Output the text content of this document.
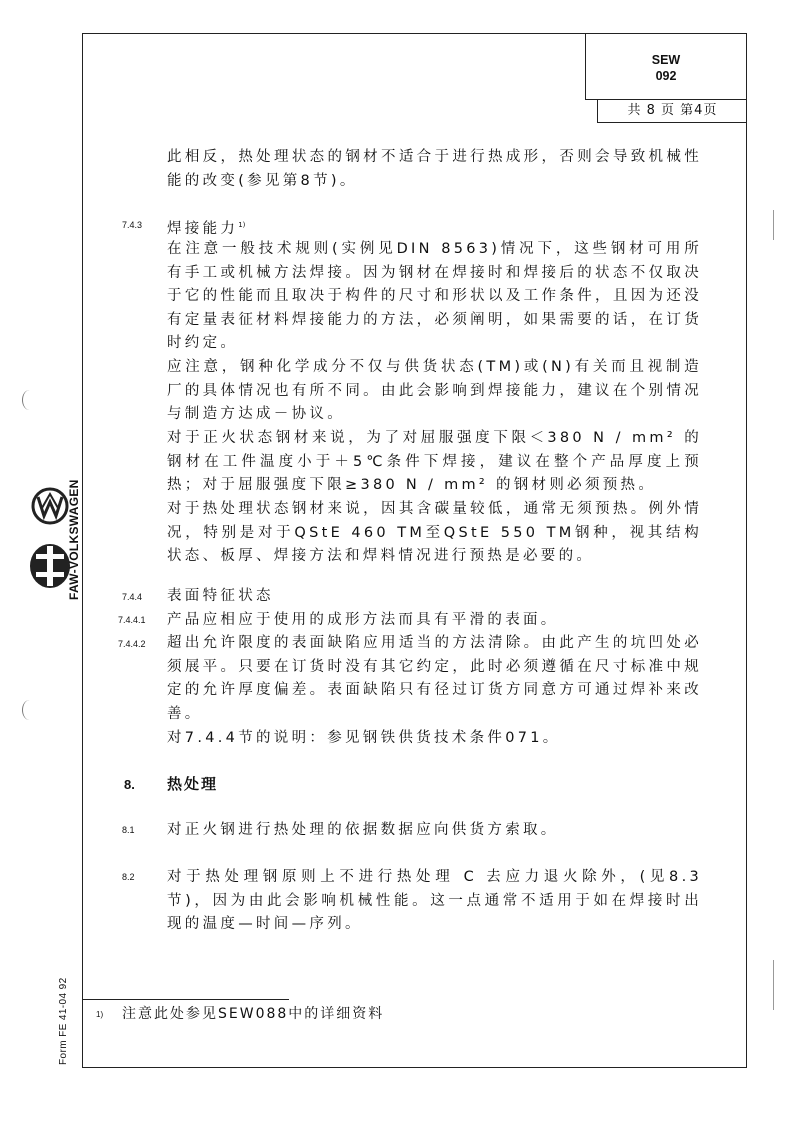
SEW
092
共 8 页 第4页
此相反，热处理状态的钢材不适合于进行热成形，否则会导致机械性能的改变(参见第8节)。
7.4.3 焊接能力$^{1)}$
在注意一般技术规则(实例见DIN 8563)情况下，这些钢材可用所有手工或机械方法焊接。因为钢材在焊接时和焊接后的状态不仅取决于它的性能而且取决于构件的尺寸和形状以及工作条件，且因为还没有定量表征材料焊接能力的方法，必须阐明，如果需要的话，在订货时约定。
应注意，钢种化学成分不仅与供货状态(TM)或(N)有关而且视制造厂的具体情况也有所不同。由此会影响到焊接能力，建议在个别情况与制造方达成－协议。
对于正火状态钢材来说，为了对屈服强度下限＜380 N / mm² 的钢材在工件温度小于＋5℃条件下焊接，建议在整个产品厚度上预热；对于屈服强度下限≥380 N / mm² 的钢材则必须预热。
对于热处理状态钢材来说，因其含碳量较低，通常无须预热。例外情况，特别是对于QStE 460 TM至QStE 550 TM钢种，视其结构状态、板厚、焊接方法和焊料情况进行预热是必要的。
7.4.4 表面特征状态
7.4.4.1 产品应相应于使用的成形方法而具有平滑的表面。
7.4.4.2 超出允许限度的表面缺陷应用适当的方法清除。由此产生的坑凹处必须展平。只要在订货时没有其它约定，此时必须遵循在尺寸标准中规定的允许厚度偏差。表面缺陷只有径过订货方同意方可通过焊补来改善。
对7.4.4节的说明：参见钢铁供货技术条件071。
8. 热处理
8.1 对正火钢进行热处理的依据数据应向供货方索取。
8.2 对于热处理钢原则上不进行热处理 C 去应力退火除外，(见8.3节)，因为由此会影响机械性能。这一点通常不适用于如在焊接时出现的温度—时间—序列。
1) 注意此处参见SEW088中的详细资料
FAW-VOLKSWAGEN
Form FE 41-04 92
